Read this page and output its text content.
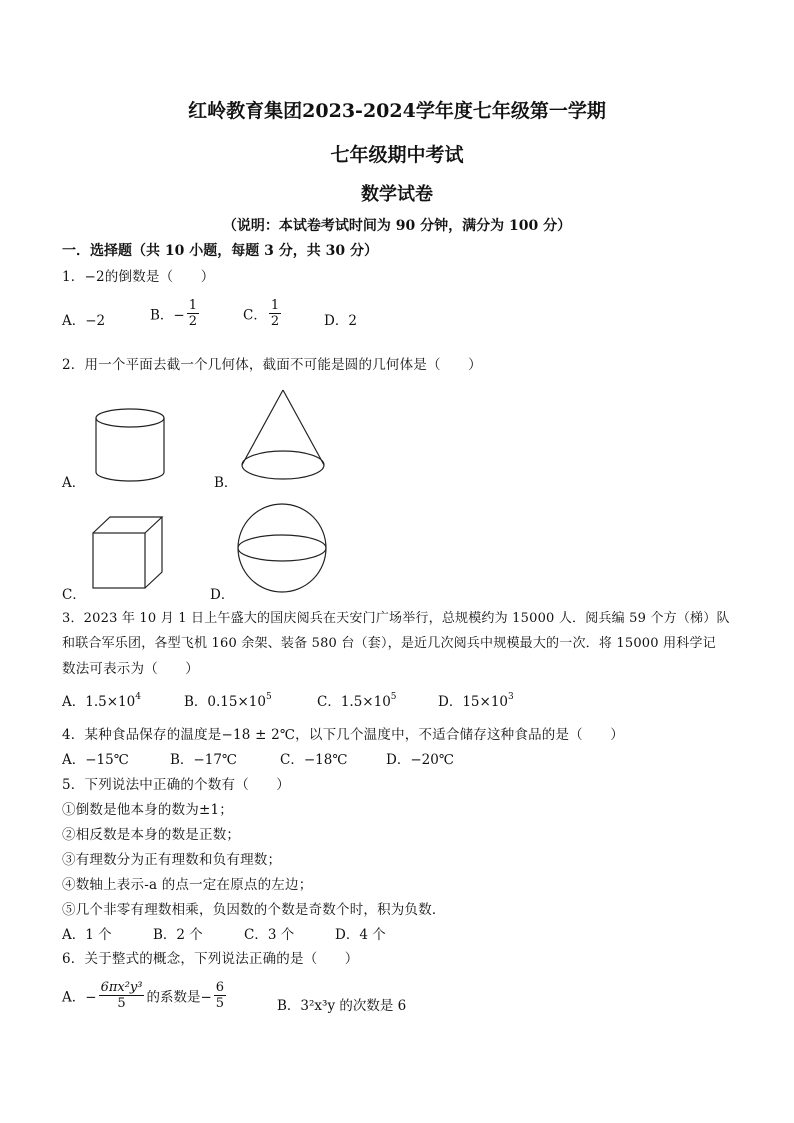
红岭教育集团2023-2024学年度七年级第一学期
七年级期中考试
数学试卷
（说明：本试卷考试时间为 90 分钟，满分为 100 分）
一．选择题（共 10 小题，每题 3 分，共 30 分）
1．−2的倒数是（　　）
A．−2	B．− $\frac{1}{2}$	C． $\frac{1}{2}$	D．2
2．用一个平面去截一个几何体，截面不可能是圆的几何体是（　　）
A．	B．
C．	D．
3．2023 年 10 月 1 日上午盛大的国庆阅兵在天安门广场举行，总规模约为 15000 人．阅兵编 59 个方（梯）队
和联合军乐团，各型飞机 160 余架、装备 580 台（套），是近几次阅兵中规模最大的一次．将 15000 用科学记
数法可表示为（　　）
A．$1.5\times 10^4$	B．$0.15\times 10^5$	C．$1.5\times 10^5$	D．$15\times 10^3$
4．某种食品保存的温度是−18 ± 2℃，以下几个温度中，不适合储存这种食品的是（　　）
A．−15℃	B．−17℃	C．−18℃	D．−20℃
5．下列说法中正确的个数有（　　）
①倒数是他本身的数为±1；
②相反数是本身的数是正数；
③有理数分为正有理数和负有理数；
④数轴上表示-a 的点一定在原点的左边；
⑤几个非零有理数相乘，负因数的个数是奇数个时，积为负数．
A．1 个	B．2 个	C．3 个	D．4 个
6．关于整式的概念，下列说法正确的是（　　）
A．− $\frac{\text{6πx²y³}}{5}$ 的系数是− $\frac{6}{5}$	B．3²x³y 的次数是 6
